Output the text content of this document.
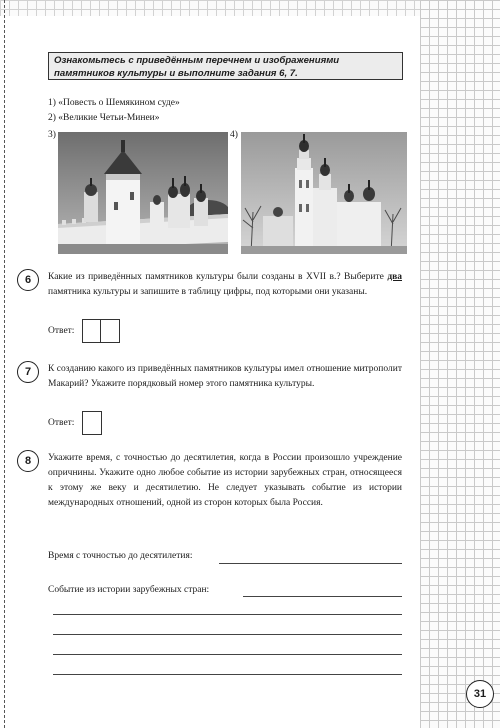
Ознакомьтесь с приведённым перечнем и изображениями памятников культуры и выполните задания 6, 7.
1) «Повесть о Шемякином суде»
2) «Великие Четьи-Минеи»
3)	4)
6	Какие из приведённых памятников культуры были созданы в XVII в.? Выберите два памятника культуры и запишите в таблицу цифры, под которыми они указаны.
Ответ:
7	К созданию какого из приведённых памятников культуры имел отношение митрополит Макарий? Укажите порядковый номер этого памятника культуры.
Ответ:
8	Укажите время, с точностью до десятилетия, когда в России произошло учреждение опричнины. Укажите одно любое событие из истории зарубежных стран, относящееся к этому же веку и десятилетию. Не следует указывать событие из истории международных отношений, одной из сторон которых была Россия.
Время с точностью до десятилетия:
Событие из истории зарубежных стран:
31
